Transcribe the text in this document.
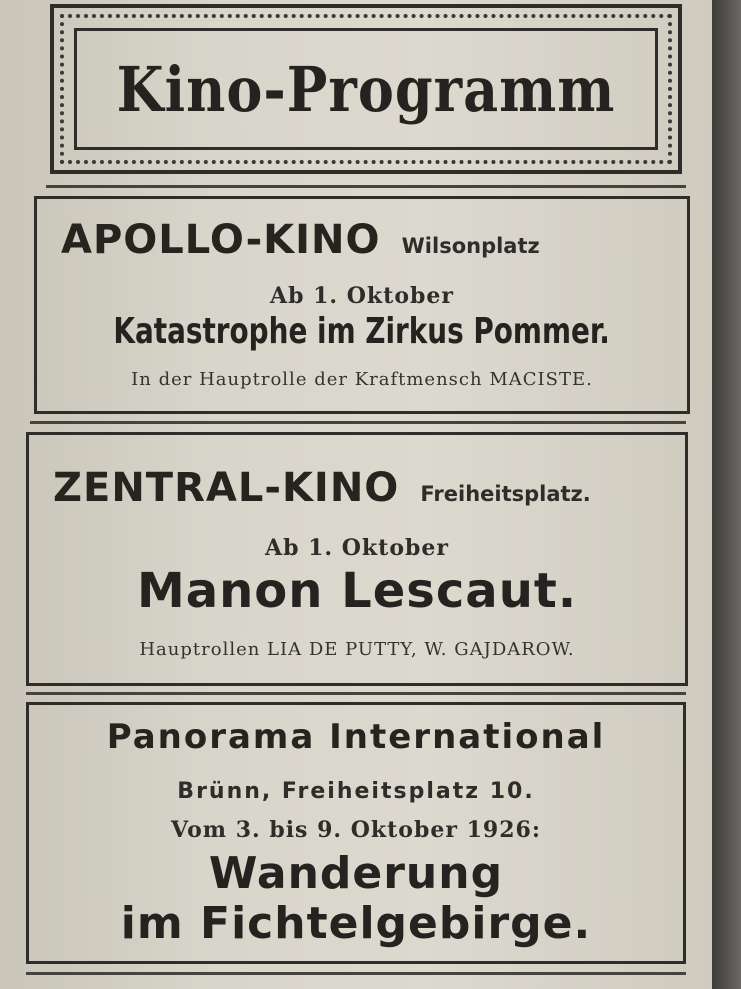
Kino-Programm
APOLLO-KINO Wilsonplatz
Ab 1. Oktober
Katastrophe im Zirkus Pommer.
In der Hauptrolle der Kraftmensch MACISTE.
ZENTRAL-KINO Freiheitsplatz.
Ab 1. Oktober
Manon Lescaut.
Hauptrollen LIA DE PUTTY, W. GAJDAROW.
Panorama International
Brünn, Freiheitsplatz 10.
Vom 3. bis 9. Oktober 1926:
Wanderung
im Fichtelgebirge.
